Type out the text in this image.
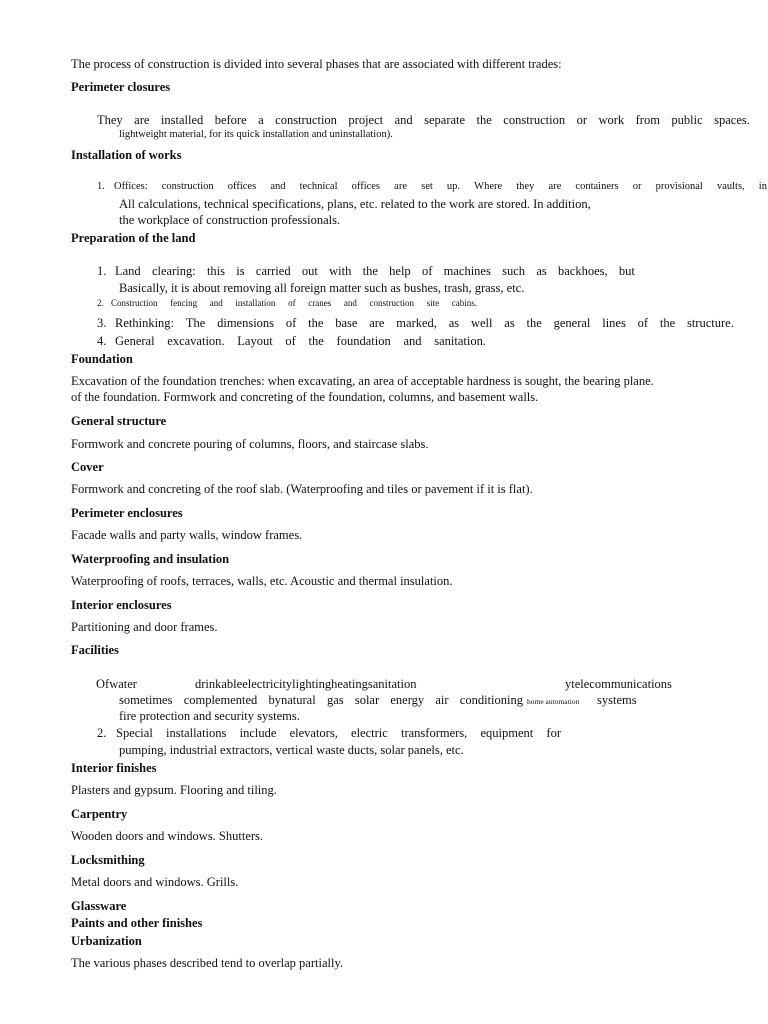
The process of construction is divided into several phases that are associated with different trades:
Perimeter closures
They are installed before a construction project and separate the construction or work from public spaces.
lightweight material, for its quick installation and uninstallation).
Installation of works
1. Offices: construction offices and technical offices are set up. Where they are containers or provisional vaults, in
All calculations, technical specifications, plans, etc. related to the work are stored. In addition,
the workplace of construction professionals.
Preparation of the land
1. Land clearing: this is carried out with the help of machines such as backhoes, but
Basically, it is about removing all foreign matter such as bushes, trash, grass, etc.
2. Construction fencing and installation of cranes and construction site cabins.
3. Rethinking: The dimensions of the base are marked, as well as the general lines of the structure.
4. General excavation. Layout of the foundation and sanitation.
Foundation
Excavation of the foundation trenches: when excavating, an area of acceptable hardness is sought, the bearing plane.
of the foundation. Formwork and concreting of the foundation, columns, and basement walls.
General structure
Formwork and concrete pouring of columns, floors, and staircase slabs.
Cover
Formwork and concreting of the roof slab. (Waterproofing and tiles or pavement if it is flat).
Perimeter enclosures
Facade walls and party walls, window frames.
Waterproofing and insulation
Waterproofing of roofs, terraces, walls, etc. Acoustic and thermal insulation.
Interior enclosures
Partitioning and door frames.
Facilities
Ofwater	drinkableelectricitylightingheatingsanitation	ytelecommunications
sometimes complemented bynatural gas solar energy air conditioning home automation systems
fire protection and security systems.
2. Special installations include elevators, electric transformers, equipment for
pumping, industrial extractors, vertical waste ducts, solar panels, etc.
Interior finishes
Plasters and gypsum. Flooring and tiling.
Carpentry
Wooden doors and windows. Shutters.
Locksmithing
Metal doors and windows. Grills.
Glassware
Paints and other finishes
Urbanization
The various phases described tend to overlap partially.
